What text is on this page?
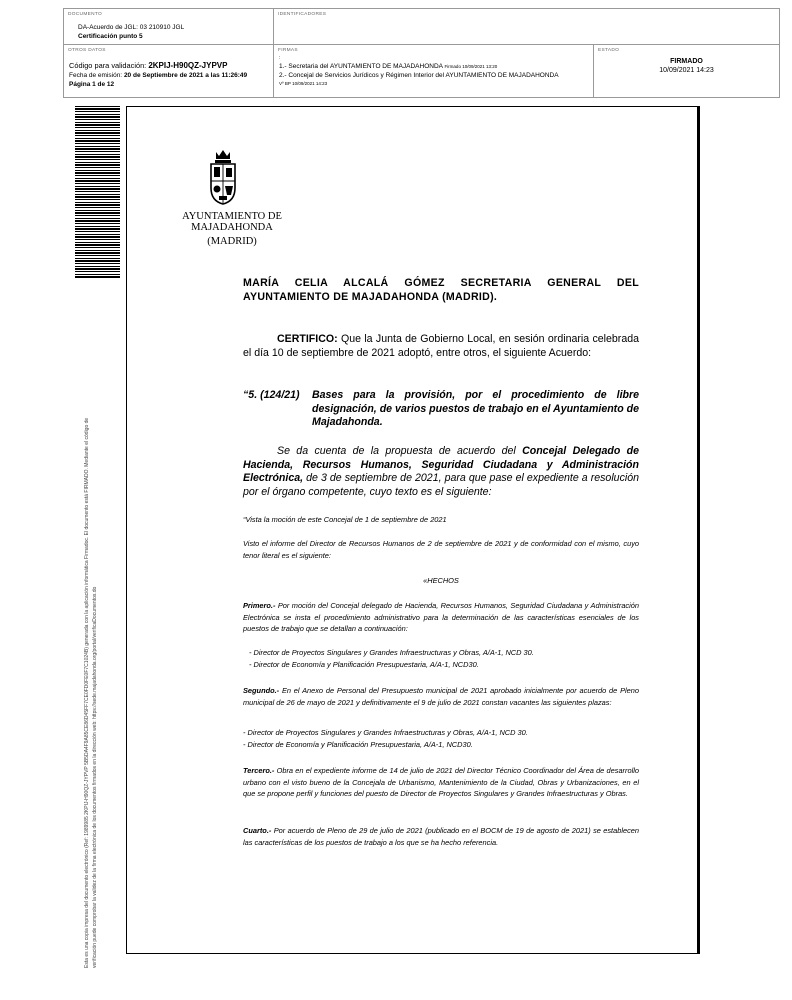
DOCUMENTO
DA-Acuerdo de JGL: 03 210910 JGL
Certificación punto 5
IDENTIFICADORES
OTROS DATOS
Código para validación: 2KPIJ-H90QZ-JYPVP
Fecha de emisión: 20 de Septiembre de 2021 a las 11:26:49
Página 1 de 12
FIRMAS
:
1.- Secretaria del AYUNTAMIENTO DE MAJADAHONDA Firmado 10/09/2021 13:20
2.- Concejal de Servicios Jurídicos y Régimen Interior del AYUNTAMIENTO DE MAJADAHONDA
Vº BP 10/09/2021 14:23
ESTADO
FIRMADO
10/09/2021 14:23
Esta es una copia impresa del documento electrónico (Ref: 1989985 2KPIJ-H90QZ-JYPVP 5B5DA4F9A85CE86D45FF7CE0FD0FE0F7C1024B) generada con la aplicación informática Firmadoc. El documento está FIRMADO. Mediante el código de verificación puede comprobar la validez de la firma electrónica de los documentos firmados en la dirección web: https://sede.majadahonda.org/portal/verificaDocumentos.do
AYUNTAMIENTO DE
MAJADAHONDA
(MADRID)
MARÍA CELIA ALCALÁ GÓMEZ SECRETARIA GENERAL DEL AYUNTAMIENTO DE MAJADAHONDA (MADRID).
CERTIFICO: Que la Junta de Gobierno Local, en sesión ordinaria celebrada el día 10 de septiembre de 2021 adoptó, entre otros, el siguiente Acuerdo:
“5. (124/21)	Bases para la provisión, por el procedimiento de libre designación, de varios puestos de trabajo en el Ayuntamiento de Majadahonda.
Se da cuenta de la propuesta de acuerdo del Concejal Delegado de Hacienda, Recursos Humanos, Seguridad Ciudadana y Administración Electrónica, de 3 de septiembre de 2021, para que pase el expediente a resolución por el órgano competente, cuyo texto es el siguiente:
“Vista la moción de este Concejal de 1 de septiembre de 2021
Visto el informe del Director de Recursos Humanos de 2 de septiembre de 2021 y de conformidad con el mismo, cuyo tenor literal es el siguiente:
«HECHOS
Primero.- Por moción del Concejal delegado de Hacienda, Recursos Humanos, Seguridad Ciudadana y Administración Electrónica se insta el procedimiento administrativo para la determinación de las características esenciales de los puestos de trabajo que se detallan a continuación:
- Director de Proyectos Singulares y Grandes Infraestructuras y Obras, A/A-1, NCD 30.
- Director de Economía y Planificación Presupuestaria, A/A-1, NCD30.
Segundo.- En el Anexo de Personal del Presupuesto municipal de 2021 aprobado inicialmente por acuerdo de Pleno municipal de 26 de mayo de 2021 y definitivamente el 9 de julio de 2021 constan vacantes las siguientes plazas:
- Director de Proyectos Singulares y Grandes Infraestructuras y Obras, A/A-1, NCD 30.
- Director de Economía y Planificación Presupuestaria, A/A-1, NCD30.
Tercero.- Obra en el expediente informe de 14 de julio de 2021 del Director Técnico Coordinador del Área de desarrollo urbano con el visto bueno de la Concejala de Urbanismo, Mantenimiento de la Ciudad, Obras y Urbanizaciones, en el que se propone perfil y funciones del puesto de Director de Proyectos Singulares y Grandes Infraestructuras y Obras.
Cuarto.- Por acuerdo de Pleno de 29 de julio de 2021 (publicado en el BOCM de 19 de agosto de 2021) se establecen las características de los puestos de trabajo a los que se ha hecho referencia.
